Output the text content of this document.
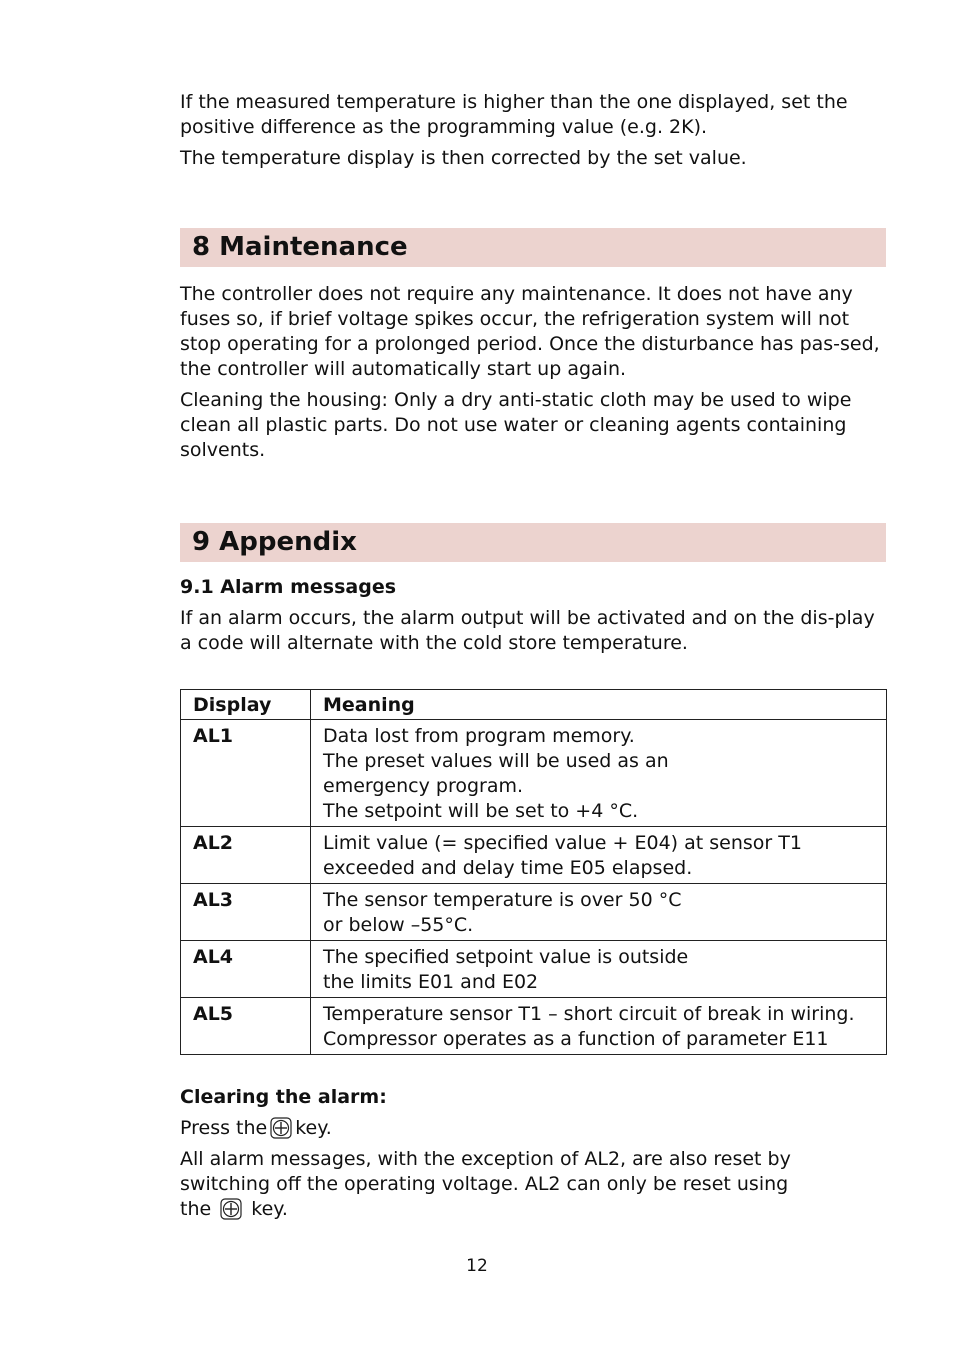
If the measured temperature is higher than the one displayed, set the positive difference as the programming value (e.g. 2K).

The temperature display is then corrected by the set value.

8 Maintenance

The controller does not require any maintenance. It does not have any fuses so, if brief voltage spikes occur, the refrigeration system will not stop operating for a prolonged period. Once the disturbance has pas-sed, the controller will automatically start up again.

Cleaning the housing: Only a dry anti-static cloth may be used to wipe clean all plastic parts. Do not use water or cleaning agents containing solvents.

9 Appendix

9.1 Alarm messages

If an alarm occurs, the alarm output will be activated and on the dis-play a code will alternate with the cold store temperature.

Display	Meaning
AL1	Data lost from program memory.
The preset values will be used as an
emergency program.
The setpoint will be set to +4 °C.

AL2	Limit value (= specified value + E04) at sensor T1
exceeded and delay time E05 elapsed.

AL3	The sensor temperature is over 50 °C
or below –55°C.

AL4	The specified setpoint value is outside
the limits E01 and E02

AL5	Temperature sensor T1 – short circuit of break in wiring.
Compressor operates as a function of parameter E11

Clearing the alarm:

Press the key.

All alarm messages, with the exception of AL2, are also reset by
switching off the operating voltage. AL2 can only be reset using
the key.

12
